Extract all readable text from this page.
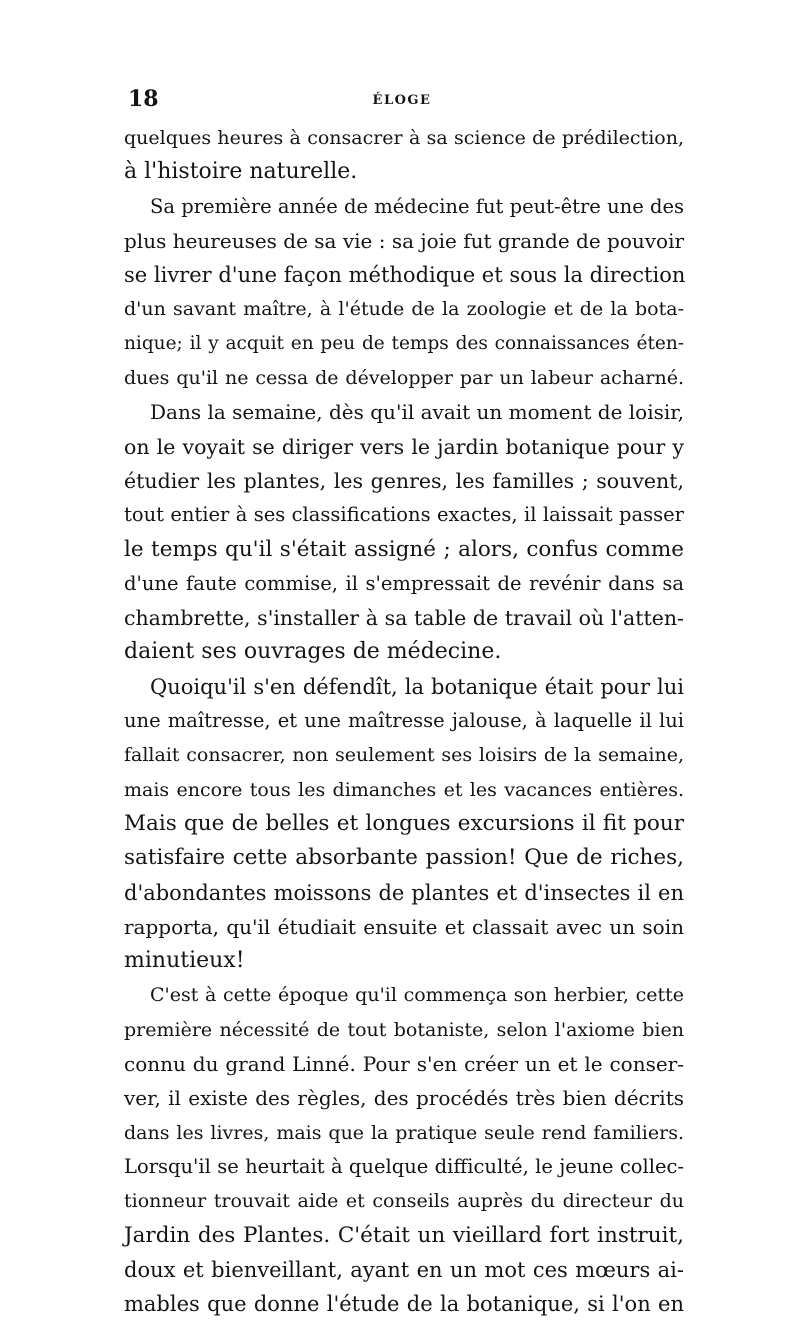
18	ÉLOGE
quelques heures à consacrer à sa science de prédilection,
à l'histoire naturelle.
Sa première année de médecine fut peut-être une des
plus heureuses de sa vie : sa joie fut grande de pouvoir
se livrer d'une façon méthodique et sous la direction
d'un savant maître, à l'étude de la zoologie et de la bota-
nique; il y acquit en peu de temps des connaissances éten-
dues qu'il ne cessa de développer par un labeur acharné.
Dans la semaine, dès qu'il avait un moment de loisir,
on le voyait se diriger vers le jardin botanique pour y
étudier les plantes, les genres, les familles ; souvent,
tout entier à ses classifications exactes, il laissait passer
le temps qu'il s'était assigné ; alors, confus comme
d'une faute commise, il s'empressait de revénir dans sa
chambrette, s'installer à sa table de travail où l'atten-
daient ses ouvrages de médecine.
Quoiqu'il s'en défendît, la botanique était pour lui
une maîtresse, et une maîtresse jalouse, à laquelle il lui
fallait consacrer, non seulement ses loisirs de la semaine,
mais encore tous les dimanches et les vacances entières.
Mais que de belles et longues excursions il fit pour
satisfaire cette absorbante passion! Que de riches,
d'abondantes moissons de plantes et d'insectes il en
rapporta, qu'il étudiait ensuite et classait avec un soin
minutieux!
C'est à cette époque qu'il commença son herbier, cette
première nécessité de tout botaniste, selon l'axiome bien
connu du grand Linné. Pour s'en créer un et le conser-
ver, il existe des règles, des procédés très bien décrits
dans les livres, mais que la pratique seule rend familiers.
Lorsqu'il se heurtait à quelque difficulté, le jeune collec-
tionneur trouvait aide et conseils auprès du directeur du
Jardin des Plantes. C'était un vieillard fort instruit,
doux et bienveillant, ayant en un mot ces mœurs ai-
mables que donne l'étude de la botanique, si l'on en
